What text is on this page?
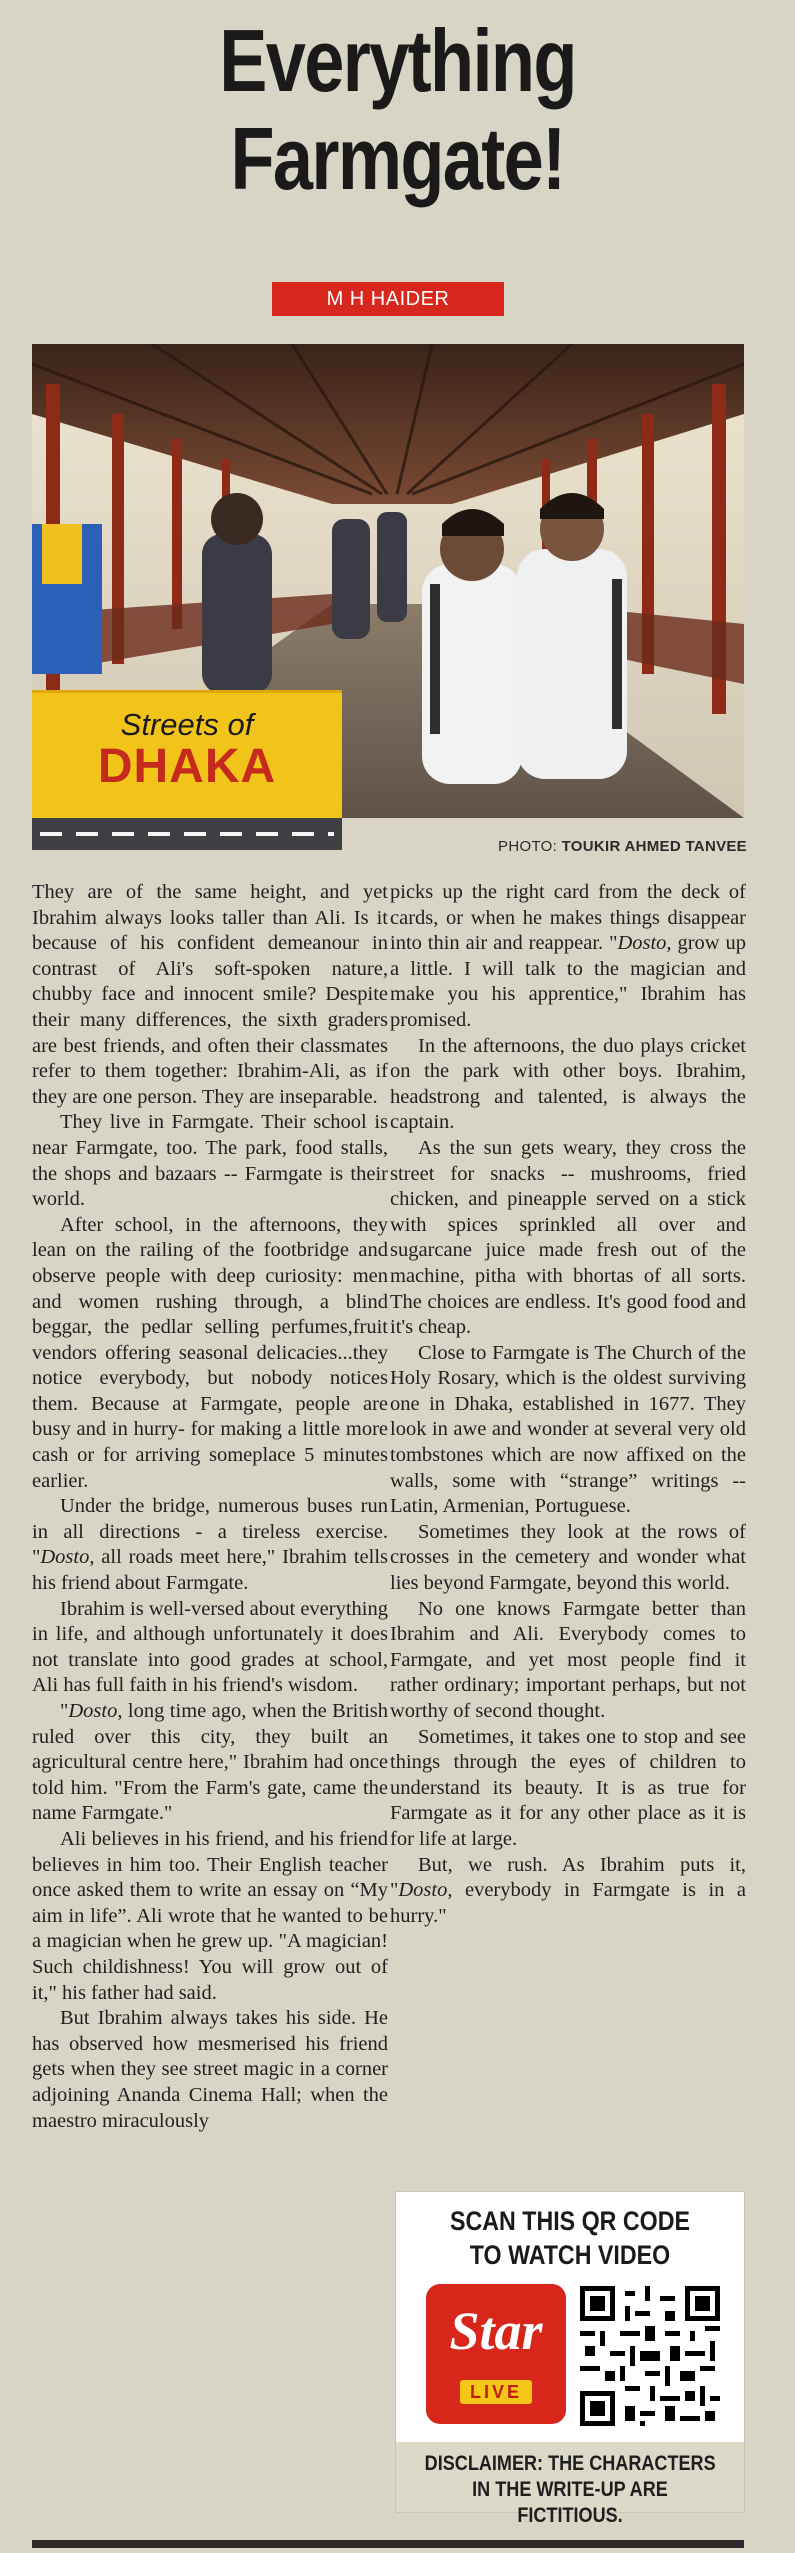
Everything
Farmgate!
M H HAIDER
Streets of
DHAKA
PHOTO: TOUKIR AHMED TANVEE

They are of the same height, and yet Ibrahim always looks taller than Ali. Is it because of his confident demeanour in contrast of Ali's soft-spoken nature, chubby face and innocent smile? Despite their many differences, the sixth graders are best friends, and often their classmates refer to them together: Ibrahim-Ali, as if they are one person. They are inseparable.

They live in Farmgate. Their school is near Farmgate, too. The park, food stalls, the shops and bazaars -- Farmgate is their world.

After school, in the afternoons, they lean on the railing of the footbridge and observe people with deep curiosity: men and women rushing through, a blind beggar, the pedlar selling perfumes,fruit vendors offering seasonal delicacies...they notice everybody, but nobody notices them. Because at Farmgate, people are busy and in hurry- for making a little more cash or for arriving someplace 5 minutes earlier.

Under the bridge, numerous buses run in all directions - a tireless exercise. "Dosto, all roads meet here," Ibrahim tells his friend about Farmgate.

Ibrahim is well-versed about everything in life, and although unfortunately it does not translate into good grades at school, Ali has full faith in his friend's wisdom.

"Dosto, long time ago, when the British ruled over this city, they built an agricultural centre here," Ibrahim had once told him. "From the Farm's gate, came the name Farmgate."

Ali believes in his friend, and his friend believes in him too. Their English teacher once asked them to write an essay on “My aim in life”. Ali wrote that he wanted to be a magician when he grew up. "A magician! Such childishness! You will grow out of it," his father had said.

But Ibrahim always takes his side. He has observed how mesmerised his friend gets when they see street magic in a corner adjoining Ananda Cinema Hall; when the maestro miraculously

picks up the right card from the deck of cards, or when he makes things disappear into thin air and reappear. "Dosto, grow up a little. I will talk to the magician and make you his apprentice," Ibrahim has promised.

In the afternoons, the duo plays cricket on the park with other boys. Ibrahim, headstrong and talented, is always the captain.

As the sun gets weary, they cross the street for snacks -- mushrooms, fried chicken, and pineapple served on a stick with spices sprinkled all over and sugarcane juice made fresh out of the machine, pitha with bhortas of all sorts. The choices are endless. It's good food and it's cheap.

Close to Farmgate is The Church of the Holy Rosary, which is the oldest surviving one in Dhaka, established in 1677. They look in awe and wonder at several very old tombstones which are now affixed on the walls, some with “strange” writings -- Latin, Armenian, Portuguese.

Sometimes they look at the rows of crosses in the cemetery and wonder what lies beyond Farmgate, beyond this world.

No one knows Farmgate better than Ibrahim and Ali. Everybody comes to Farmgate, and yet most people find it rather ordinary; important perhaps, but not worthy of second thought.

Sometimes, it takes one to stop and see things through the eyes of children to understand its beauty. It is as true for Farmgate as it for any other place as it is for life at large.

But, we rush. As Ibrahim puts it, "Dosto, everybody in Farmgate is in a hurry."

SCAN THIS QR CODE
TO WATCH VIDEO
Star
LIVE
DISCLAIMER: THE CHARACTERS
IN THE WRITE-UP ARE FICTITIOUS.
